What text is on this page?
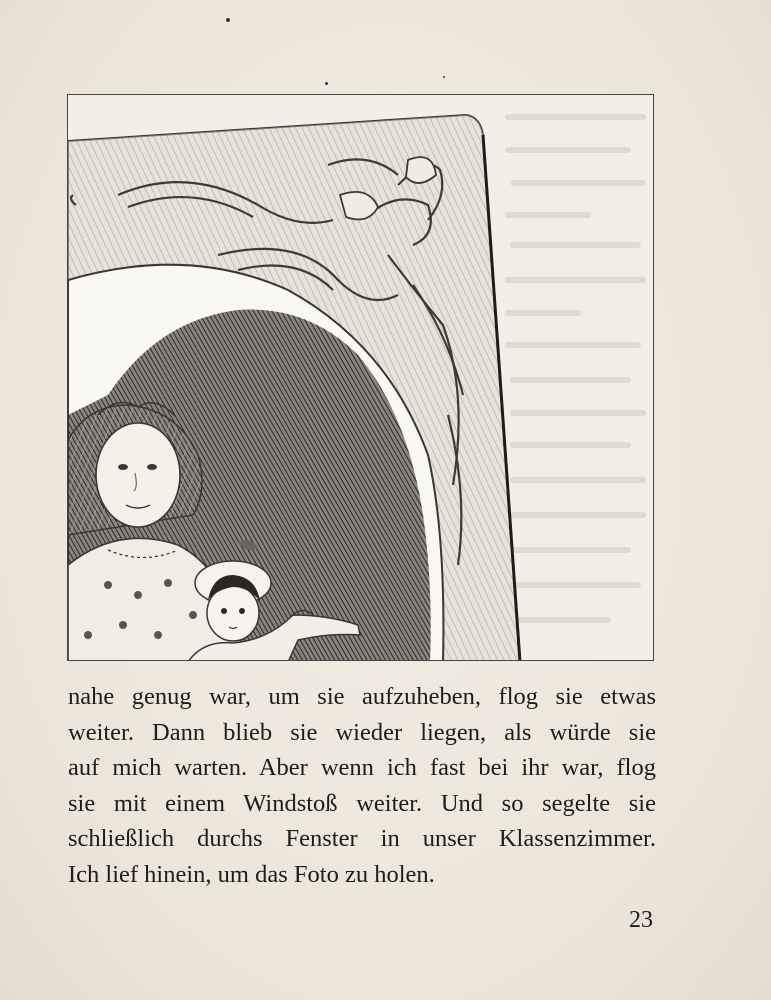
nahe genug war, um sie aufzuheben, flog sie etwas
weiter. Dann blieb sie wieder liegen, als würde sie
auf mich warten. Aber wenn ich fast bei ihr war, flog
sie mit einem Windstoß weiter. Und so segelte sie
schließlich durchs Fenster in unser Klassenzimmer.
Ich lief hinein, um das Foto zu holen.
23
